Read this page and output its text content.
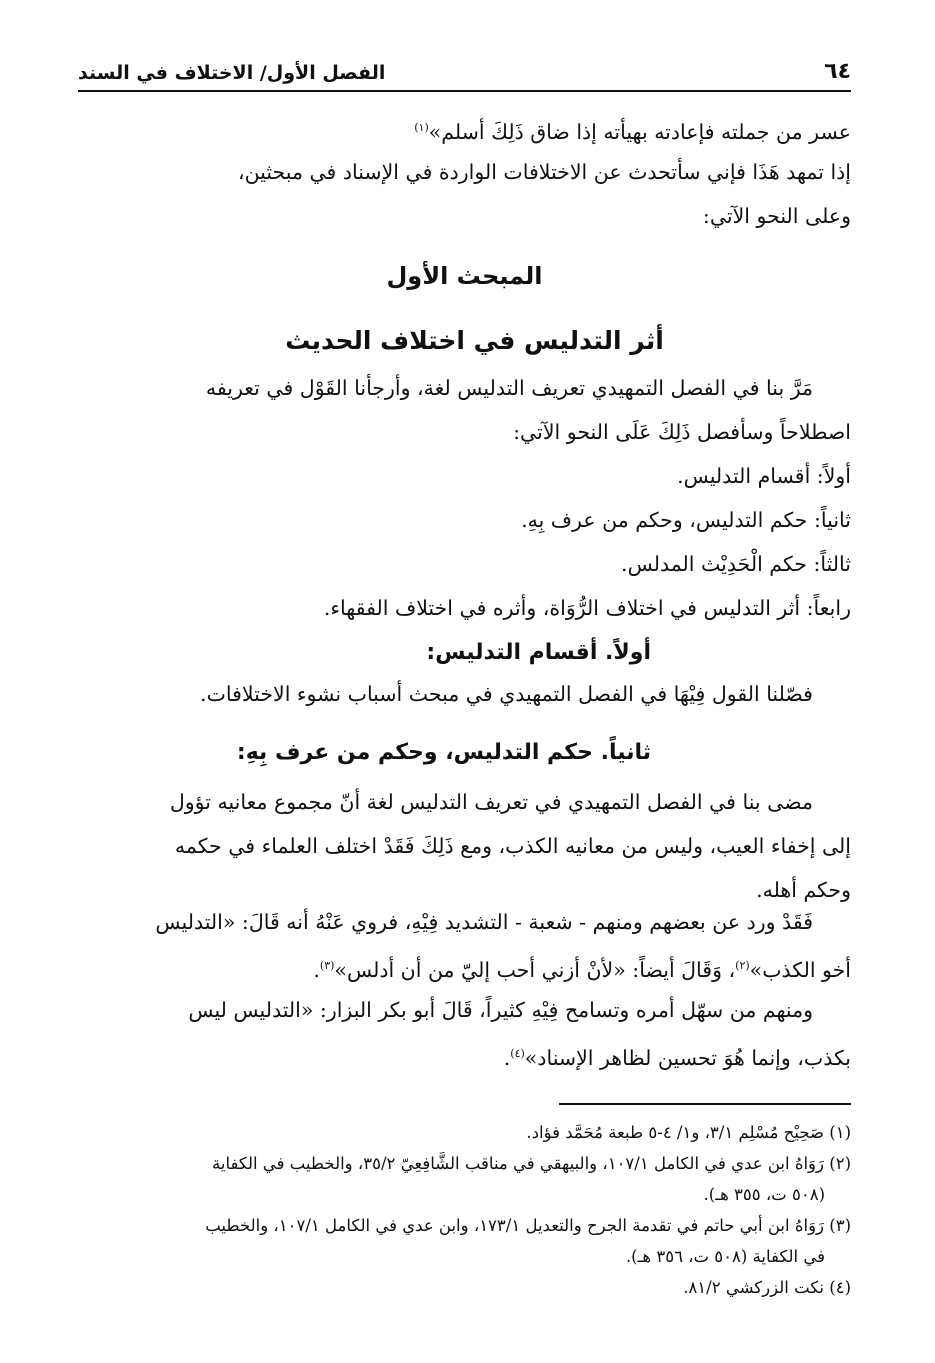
٦٤
الفصل الأول/ الاختلاف في السند
عسر من جملته فإعادته بهيأته إذا ضاق ذَلِكَ أسلم»$^{(١)}$
إذا تمهد هَذَا فإني سأتحدث عن الاختلافات الواردة في الإسناد في مبحثين،
وعلى النحو الآتي:
المبحث الأول
أثر التدليس في اختلاف الحديث
مَرَّ بنا في الفصل التمهيدي تعريف التدليس لغة، وأرجأنا القَوْل في تعريفه
اصطلاحاً وسأفصل ذَلِكَ عَلَى النحو الآتي:
أولاً: أقسام التدليس.
ثانياً: حكم التدليس، وحكم من عرف بِهِ.
ثالثاً: حكم الْحَدِيْث المدلس.
رابعاً: أثر التدليس في اختلاف الرُّوَاة، وأثره في اختلاف الفقهاء.
أولاً. أقسام التدليس:
فصّلنا القول فِيْهَا في الفصل التمهيدي في مبحث أسباب نشوء الاختلافات.
ثانياً. حكم التدليس، وحكم من عرف بِهِ:
مضى بنا في الفصل التمهيدي في تعريف التدليس لغة أنّ مجموع معانيه تؤول
إلى إخفاء العيب، وليس من معانيه الكذب، ومع ذَلِكَ فَقَدْ اختلف العلماء في حكمه
وحكم أهله.
فَقَدْ ورد عن بعضهم ومنهم - شعبة - التشديد فِيْهِ، فروي عَنْهُ أنه قَالَ: «التدليس
أخو الكذب»$^{(٢)}$، وَقَالَ أيضاً: «لأنْ أزني أحب إليّ من أن أدلس»$^{(٣)}$.
ومنهم من سهّل أمره وتسامح فِيْهِ كثيراً، قَالَ أبو بكر البزار: «التدليس ليس
بكذب، وإنما هُوَ تحسين لظاهر الإسناد»$^{(٤)}$.
(١) صَحِيْح مُسْلِم ٣/١، و١/ ٤-٥ طبعة مُحَمَّد فؤاد.
(٢) رَوَاهُ ابن عدي في الكامل ١٠٧/١، والبيهقي في مناقب الشَّافِعِيّ ٣٥/٢، والخطيب في الكفاية
(٥٠٨ ت، ٣٥٥ هـ).
(٣) رَوَاهُ ابن أبي حاتم في تقدمة الجرح والتعديل ١٧٣/١، وابن عدي في الكامل ١٠٧/١، والخطيب
في الكفاية (٥٠٨ ت، ٣٥٦ هـ).
(٤) نكت الزركشي ٨١/٢.
